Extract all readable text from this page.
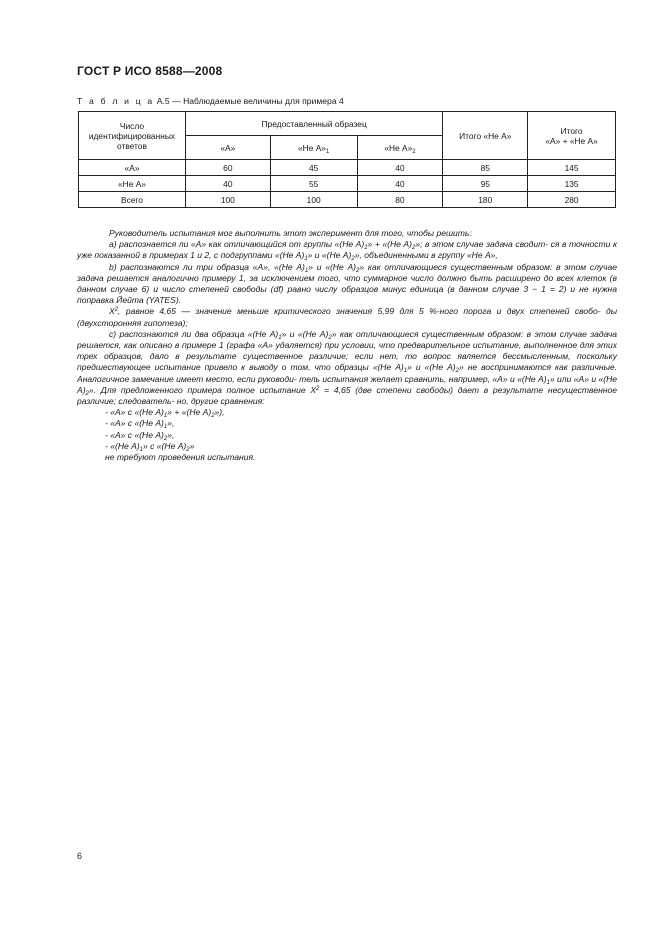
ГОСТ Р ИСО 8588—2008
Т а б л и ц а А.5 — Наблюдаемые величины для примера 4
Число идентифицированных ответов	Предоставленный образец			Итого «Не А»	Итого
«А» + «Не А»
	«А»	«Не $А»_1$	«Не $А»_2$
«А»	60	45	40	85	145
«Не А»	40	55	40	95	135
Всего	100	100	80	180	280

Руководитель испытания мог выполнить этот эксперимент для того, чтобы решить:

а) распознается ли «А» как отличающийся от группы «(Не $А)_1$» + «(Не $А)_2$»; в этом случае задача сводит- ся в точности к уже показанной в примерах 1 и 2, с подгруппами «(Не $А)_1$» и «(Не $А)_2$», объединенными в группу «Не А»,

b) распознаются ли три образца «А», «(Не $А)_1$» и «(Не $А)_2$» как отличающиеся существенным образом: в этом случае задача решается аналогично примеру 1, за исключением того, что суммарное число должно быть расширено до всех клеток (в данном случае 6) и число степеней свободы (df) равно числу образцов минус единица (в данном случае 3 − 1 = 2) и не нужна поправка Йейта (YATES).

$X^2$, равное 4,65 — значение меньше критического значения 5,99 для 5 %-ного порога и двух степеней свобо- ды (двухсторонняя гипотеза);

с) распознаются ли два образца «(Не $А)_1$» и «(Не $А)_2$» как отличающиеся существенным образом: в этом случае задача решается, как описано в примере 1 (графа «А» удаляется) при условии, что предварительное испытание, выполненное для этих трех образцов, дало в результате существенное различие; если нет, то вопрос является бессмысленным, поскольку предшествующее испытание привело к выводу о том, что образцы «(Не $А)_1$» и «(Не $А)_2$» не воспринимаются как различные. Аналогичное замечание имеет место, если руководи- тель испытания желает сравнить, например, «А» и «(Не $А)_1$» или «А» и «(Не $А)_2$». Для предложенного примера полное испытание $X^2 = 4,65$ (две степени свободы) дает в результате несущественное различие; следователь- но, другие сравнения:

- «А» с «(Не $А)_1$» + «(Не $А)_2$»),

- «А» с «(Не $А)_1$»,

- «А» с «(Не $А)_2$»,

- «(Не $А)_1$» с «(Не $А)_2$»

не требуют проведения испытания.

6
